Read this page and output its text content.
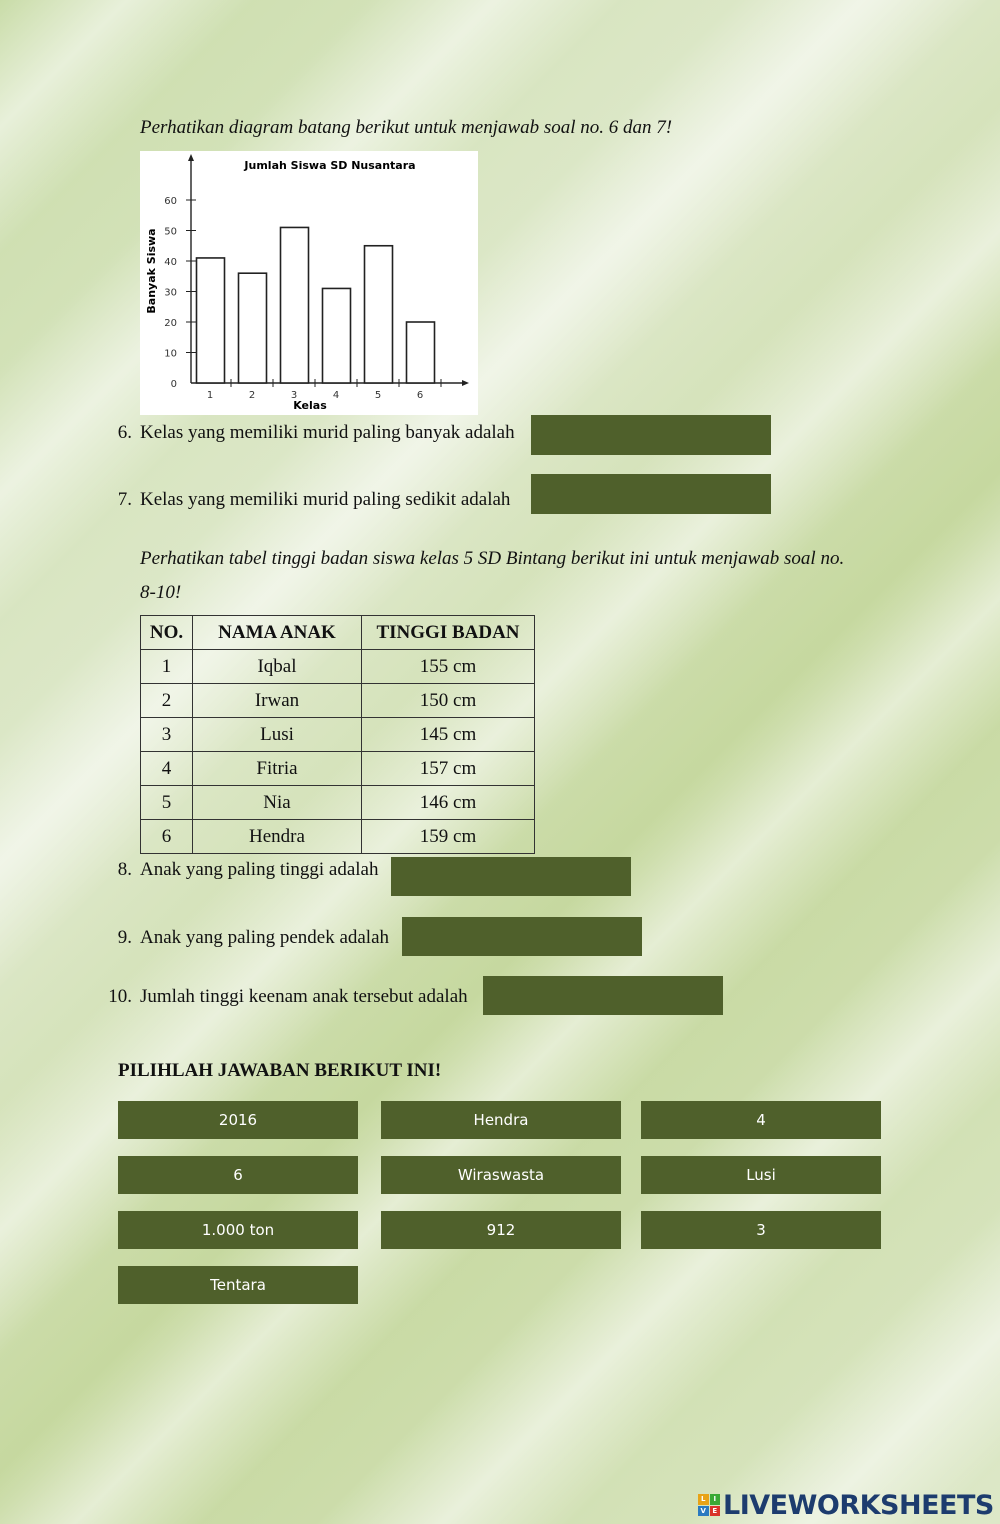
Perhatikan diagram batang berikut untuk menjawab soal no. 6 dan 7!
Jumlah Siswa SD Nusantara
Banyak Siswa
Kelas
0
10
20
30
40
50
60
1	2	3	4	5	6
6. Kelas yang memiliki murid paling banyak adalah
7. Kelas yang memiliki murid paling sedikit adalah
Perhatikan tabel tinggi badan siswa kelas 5 SD Bintang berikut ini untuk menjawab soal no.
8-10!
NO.	NAMA ANAK	TINGGI BADAN
1	Iqbal	155 cm
2	Irwan	150 cm
3	Lusi	145 cm
4	Fitria	157 cm
5	Nia	146 cm
6	Hendra	159 cm
8. Anak yang paling tinggi adalah
9. Anak yang paling pendek adalah
10. Jumlah tinggi keenam anak tersebut adalah
PILIHLAH JAWABAN BERIKUT INI!
2016	Hendra	4
6	Wiraswasta	Lusi
1.000 ton	912	3
Tentara
L	I
V E LIVEWORKSHEETS
